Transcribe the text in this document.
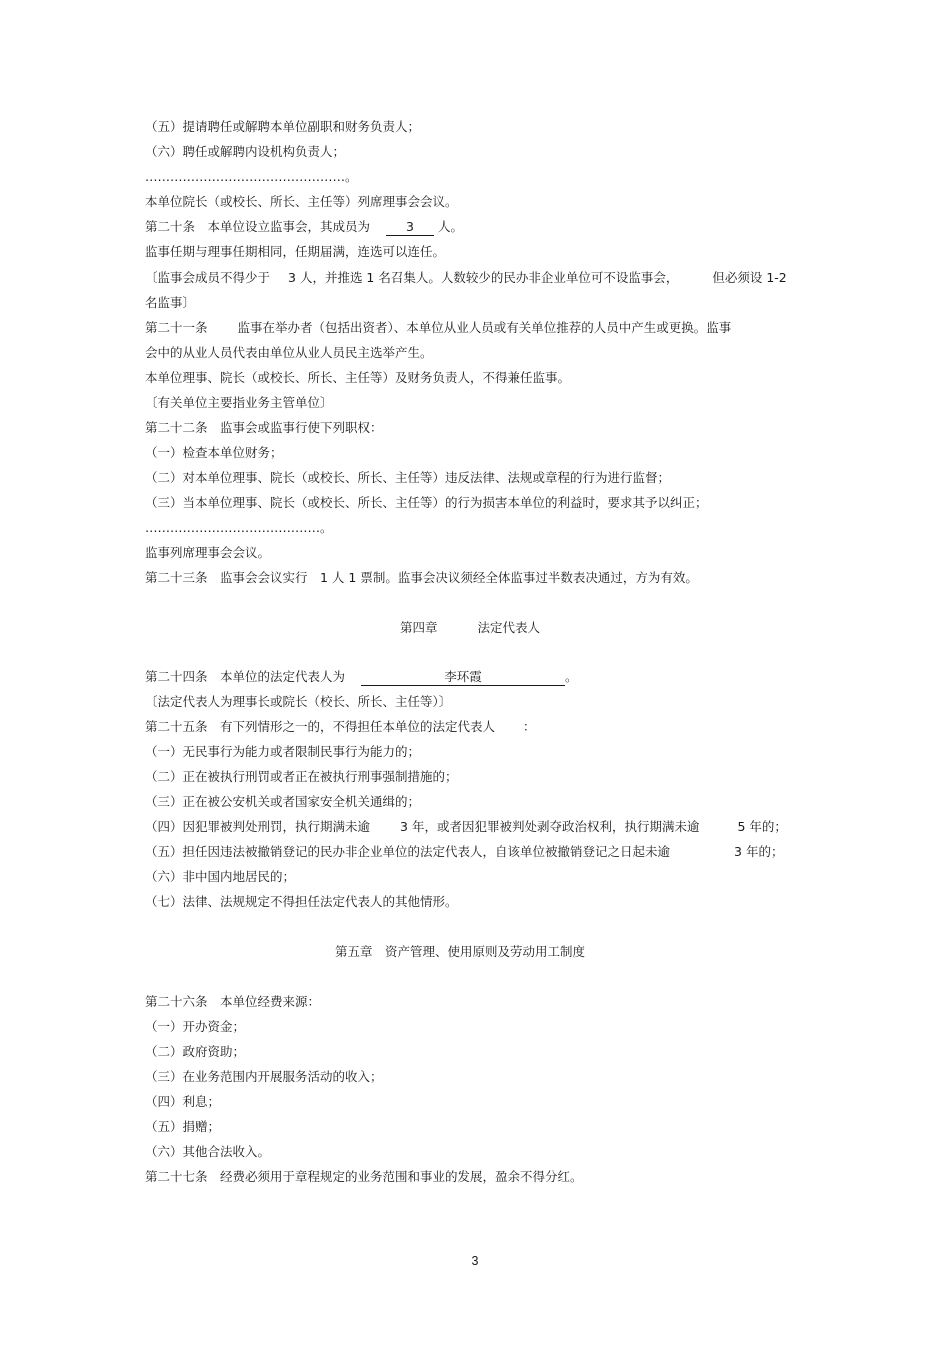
（五）提请聘任或解聘本单位副职和财务负责人；
（六）聘任或解聘内设机构负责人；
…………………………………………。
本单位院长（或校长、所长、主任等）列席理事会会议。
第二十条　本单位设立监事会，其成员为	3 人。
监事任期与理事任期相同，任期届满，连选可以连任。
〔监事会成员不得少于 3 人，并推选 1 名召集人。人数较少的民办非企业单位可不设监事会，	但必须设 1-2
名监事〕
第二十一条 监事在举办者（包括出资者）、本单位从业人员或有关单位推荐的人员中产生或更换。监事
会中的从业人员代表由单位从业人员民主选举产生。
本单位理事、院长（或校长、所长、主任等）及财务负责人，不得兼任监事。
〔有关单位主要指业务主管单位〕
第二十二条　监事会或监事行使下列职权：
（一）检查本单位财务；
（二）对本单位理事、院长（或校长、所长、主任等）违反法律、法规或章程的行为进行监督；
（三）当本单位理事、院长（或校长、所长、主任等）的行为损害本单位的利益时，要求其予以纠正；
……………………………………。
监事列席理事会会议。
第二十三条　监事会会议实行　1 人 1 票制。监事会决议须经全体监事过半数表决通过，方为有效。
第四章	法定代表人
第二十四条　本单位的法定代表人为	李环霞	。
〔法定代表人为理事长或院长（校长、所长、主任等）〕
第二十五条　有下列情形之一的，不得担任本单位的法定代表人 ：
（一）无民事行为能力或者限制民事行为能力的；
（二）正在被执行刑罚或者正在被执行刑事强制措施的；
（三）正在被公安机关或者国家安全机关通缉的；
（四）因犯罪被判处刑罚，执行期满未逾 3 年，或者因犯罪被判处剥夺政治权利，执行期满未逾	5 年的；
（五）担任因违法被撤销登记的民办非企业单位的法定代表人，自该单位被撤销登记之日起未逾	3 年的；
（六）非中国内地居民的；
（七）法律、法规规定不得担任法定代表人的其他情形。
第五章　资产管理、使用原则及劳动用工制度
第二十六条　本单位经费来源：
（一）开办资金；
（二）政府资助；
（三）在业务范围内开展服务活动的收入；
（四）利息；
（五）捐赠；
（六）其他合法收入。
第二十七条　经费必须用于章程规定的业务范围和事业的发展，盈余不得分红。
3
